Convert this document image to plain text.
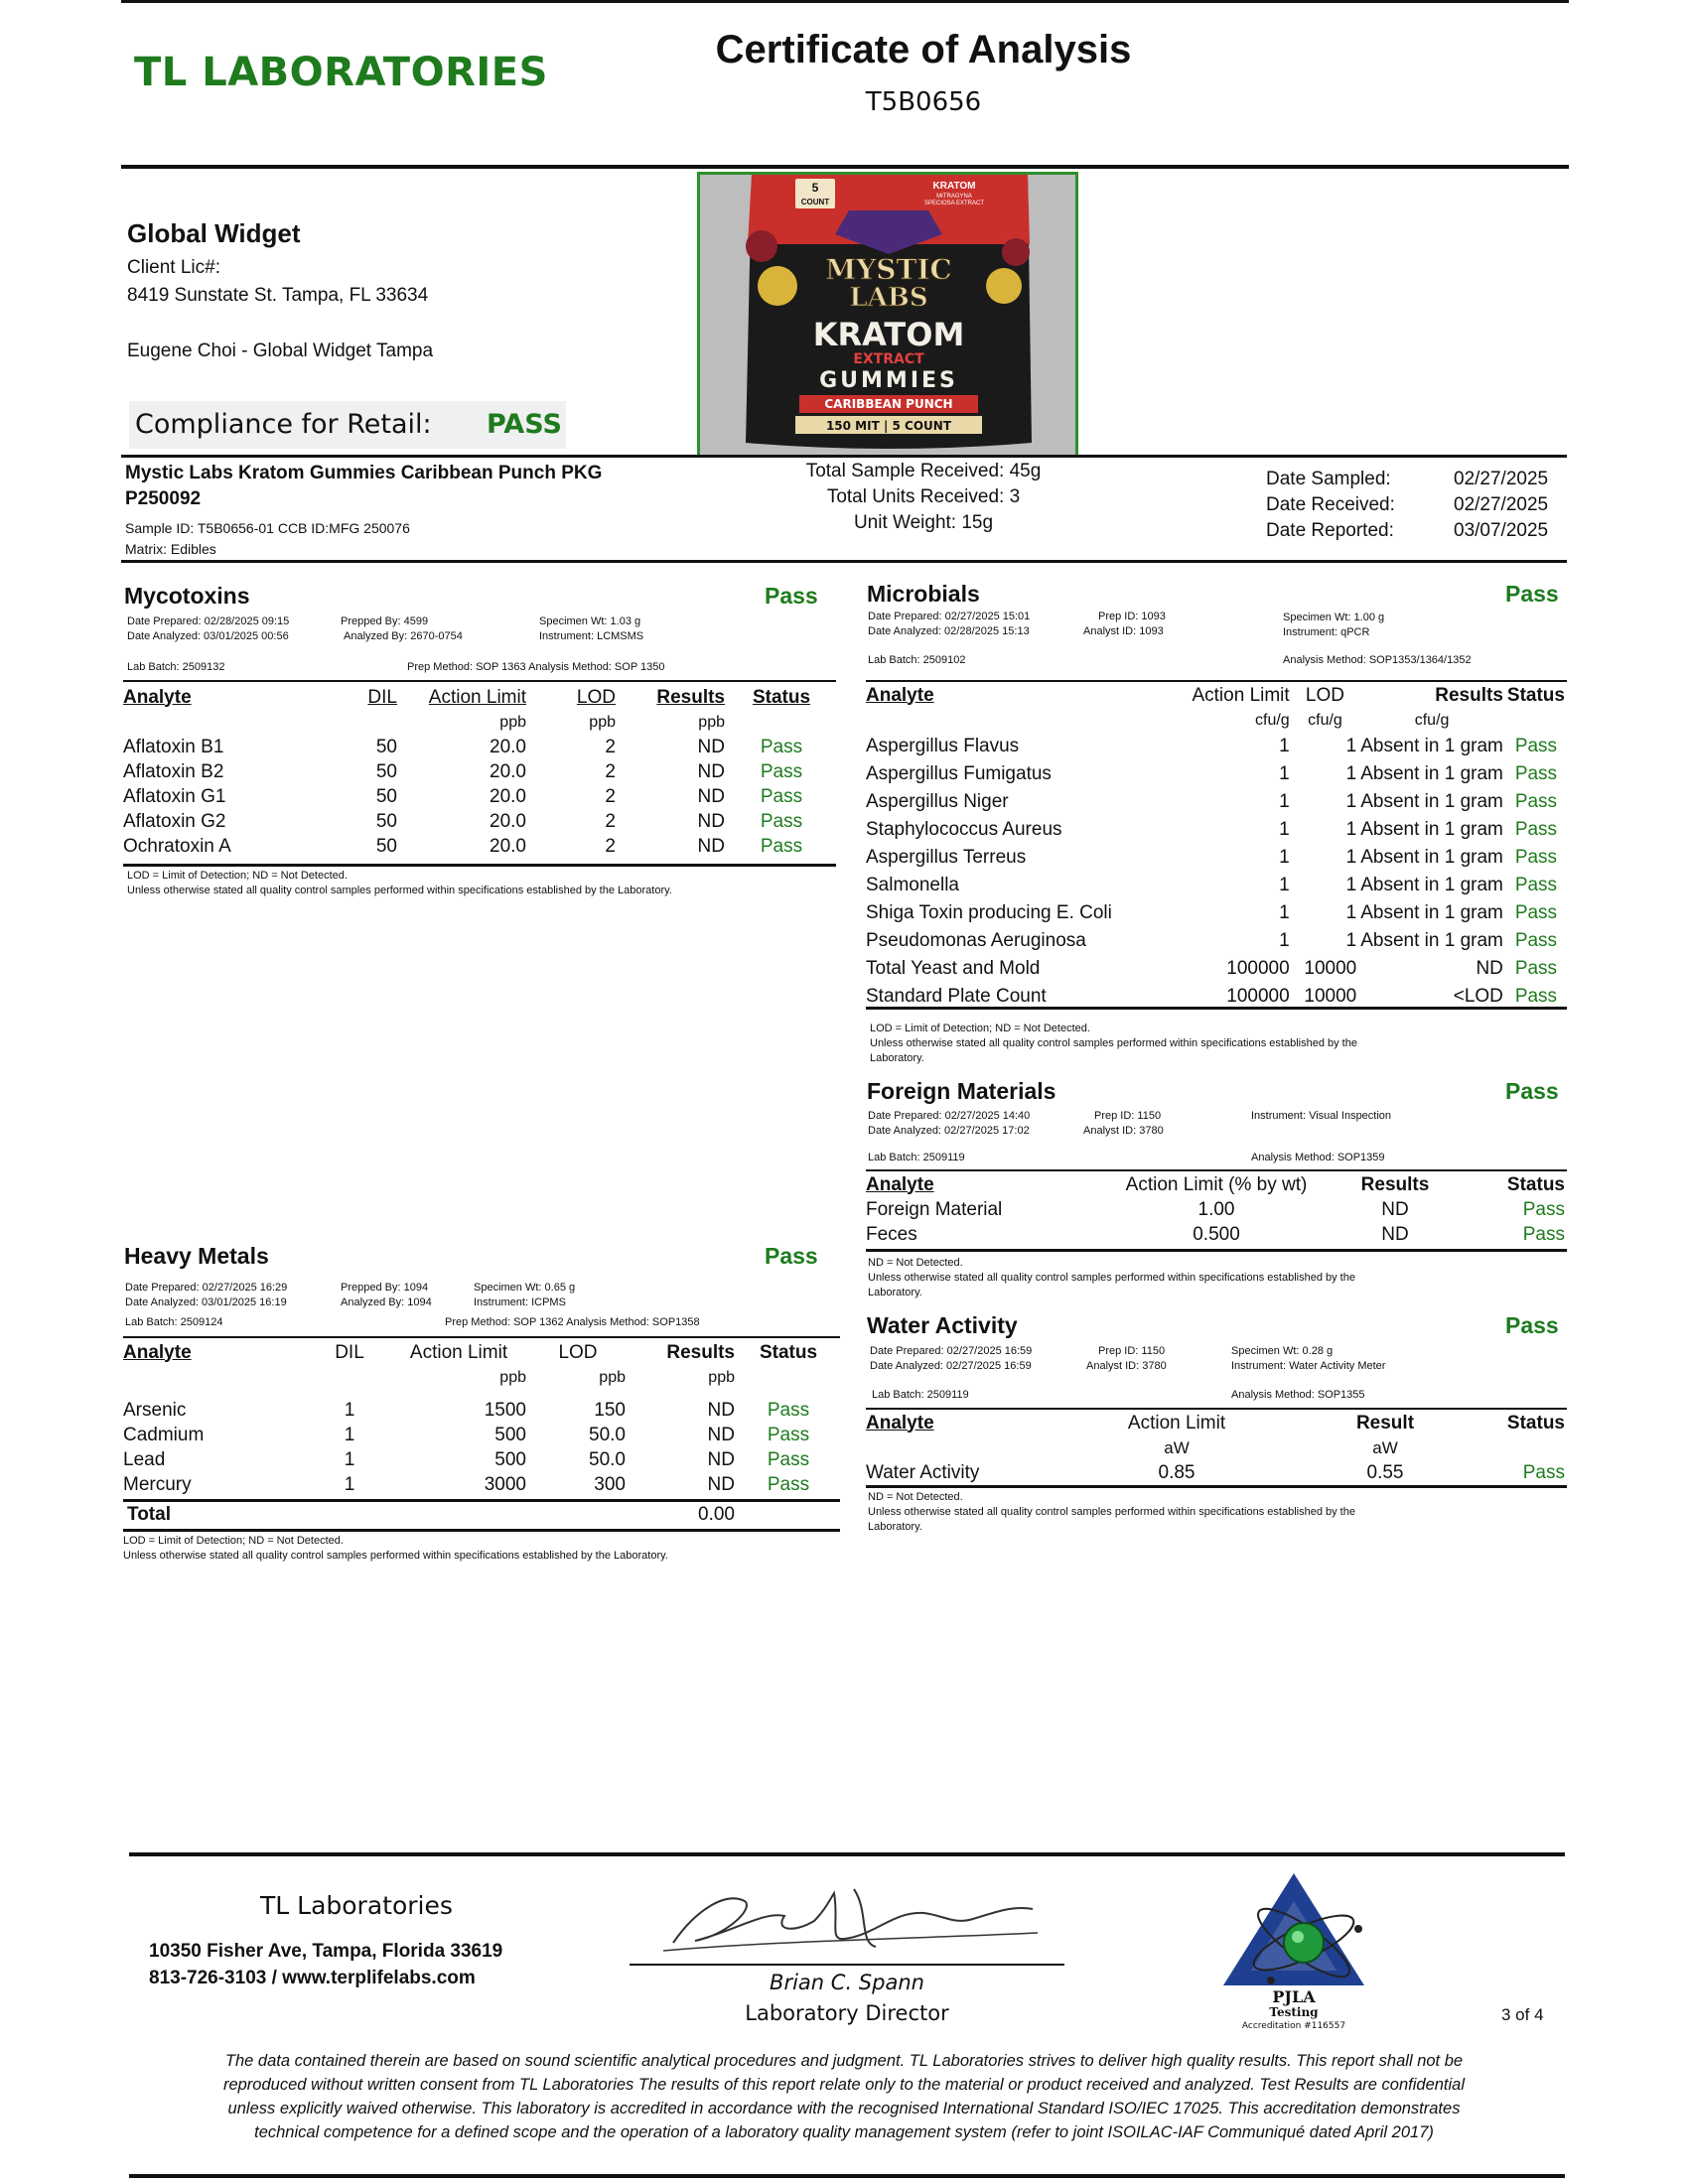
TL LABORATORIES	Certificate of Analysis
T5B0656
Global Widget
Client Lic#:
8419 Sunstate St. Tampa, FL 33634
Eugene Choi - Global Widget Tampa
Compliance for Retail: PASS
5
COUNT
KRATOM
MITRAGYNA
SPECIOSA EXTRACT
MYSTIC
LABS
KRATOM
EXTRACT
GUMMIES
CARIBBEAN PUNCH
150 MIT | 5 COUNT
Mystic Labs Kratom Gummies Caribbean Punch PKG
P250092
Sample ID: T5B0656-01 CCB ID:MFG 250076
Matrix: Edibles
Total Sample Received: 45g
Total Units Received: 3
Unit Weight: 15g
Date Sampled:	02/27/2025
Date Received:	02/27/2025
Date Reported:	03/07/2025
Mycotoxins	Pass
Date Prepared: 02/28/2025 09:15
Date Analyzed: 03/01/2025 00:56
Prepped By: 4599
Analyzed By: 2670-0754
Specimen Wt: 1.03 g
Instrument: LCMSMS
Lab Batch: 2509132	Prep Method: SOP 1363 Analysis Method: SOP 1350
Analyte	DIL	Action Limit	LOD	Results	Status
		ppb	ppb	ppb	
Aflatoxin B1	50	20.0	2	ND	Pass
Aflatoxin B2	50	20.0	2	ND	Pass
Aflatoxin G1	50	20.0	2	ND	Pass
Aflatoxin G2	50	20.0	2	ND	Pass
Ochratoxin A	50	20.0	2	ND	Pass
LOD = Limit of Detection; ND = Not Detected.
Unless otherwise stated all quality control samples performed within specifications established by the Laboratory.
Heavy Metals	Pass
Date Prepared: 02/27/2025 16:29
Date Analyzed: 03/01/2025 16:19
Prepped By: 1094
Analyzed By: 1094
Specimen Wt: 0.65 g
Instrument: ICPMS
Lab Batch: 2509124	Prep Method: SOP 1362 Analysis Method: SOP1358
Analyte	DIL	Action Limit	LOD	Results	Status
		ppb	ppb	ppb	

Arsenic	1	1500	150	ND	Pass
Cadmium	1	500	50.0	ND	Pass
Lead	1	500	50.0	ND	Pass
Mercury	1	3000	300	ND	Pass
Total	0.00
LOD = Limit of Detection; ND = Not Detected.
Unless otherwise stated all quality control samples performed within specifications established by the Laboratory.
Microbials	Pass
Date Prepared: 02/27/2025 15:01
Date Analyzed: 02/28/2025 15:13
Prep ID: 1093
Analyst ID: 1093
Specimen Wt: 1.00 g
Instrument: qPCR
Lab Batch: 2509102	Analysis Method: SOP1353/1364/1352
Analyte	Action Limit	LOD	Results	Status
	cfu/g	cfu/g	cfu/g	
Aspergillus Flavus	1	1	Absent in 1 gram	Pass
Aspergillus Fumigatus	1	1	Absent in 1 gram	Pass
Aspergillus Niger	1	1	Absent in 1 gram	Pass
Staphylococcus Aureus	1	1	Absent in 1 gram	Pass
Aspergillus Terreus	1	1	Absent in 1 gram	Pass
Salmonella	1	1	Absent in 1 gram	Pass
Shiga Toxin producing E. Coli	1	1	Absent in 1 gram	Pass
Pseudomonas Aeruginosa	1	1	Absent in 1 gram	Pass
Total Yeast and Mold	100000	10000	ND	Pass
Standard Plate Count	100000	10000	<LOD	Pass
LOD = Limit of Detection; ND = Not Detected.
Unless otherwise stated all quality control samples performed within specifications established by the
Laboratory.
Foreign Materials	Pass
Date Prepared: 02/27/2025 14:40
Date Analyzed: 02/27/2025 17:02
Prep ID: 1150
Analyst ID: 3780
Instrument: Visual Inspection
Lab Batch: 2509119	Analysis Method: SOP1359
Analyte	Action Limit (% by wt)	Results	Status
Foreign Material	1.00	ND	Pass
Feces	0.500	ND	Pass
ND = Not Detected.
Unless otherwise stated all quality control samples performed within specifications established by the
Laboratory.
Water Activity	Pass
Date Prepared: 02/27/2025 16:59
Date Analyzed: 02/27/2025 16:59
Prep ID: 1150
Analyst ID: 3780
Specimen Wt: 0.28 g
Instrument: Water Activity Meter
Lab Batch: 2509119	Analysis Method: SOP1355
Analyte	Action Limit	Result	Status
	aW	aW	
Water Activity	0.85	0.55	Pass
ND = Not Detected.
Unless otherwise stated all quality control samples performed within specifications established by the
Laboratory.
TL Laboratories
10350 Fisher Ave, Tampa, Florida 33619
813-726-3103 / www.terplifelabs.com	Brian C. Spann
Laboratory Director
PJLA
Testing
Accreditation #116557
3 of 4
The data contained therein are based on sound scientific analytical procedures and judgment. TL Laboratories strives to deliver high quality results. This report shall not be reproduced without written consent from TL Laboratories The results of this report relate only to the material or product received and analyzed. Test Results are confidential unless explicitly waived otherwise. This laboratory is accredited in accordance with the recognised International Standard ISO/IEC 17025. This accreditation demonstrates technical competence for a defined scope and the operation of a laboratory quality management system (refer to joint ISOILAC-IAF Communiqué dated April 2017)
